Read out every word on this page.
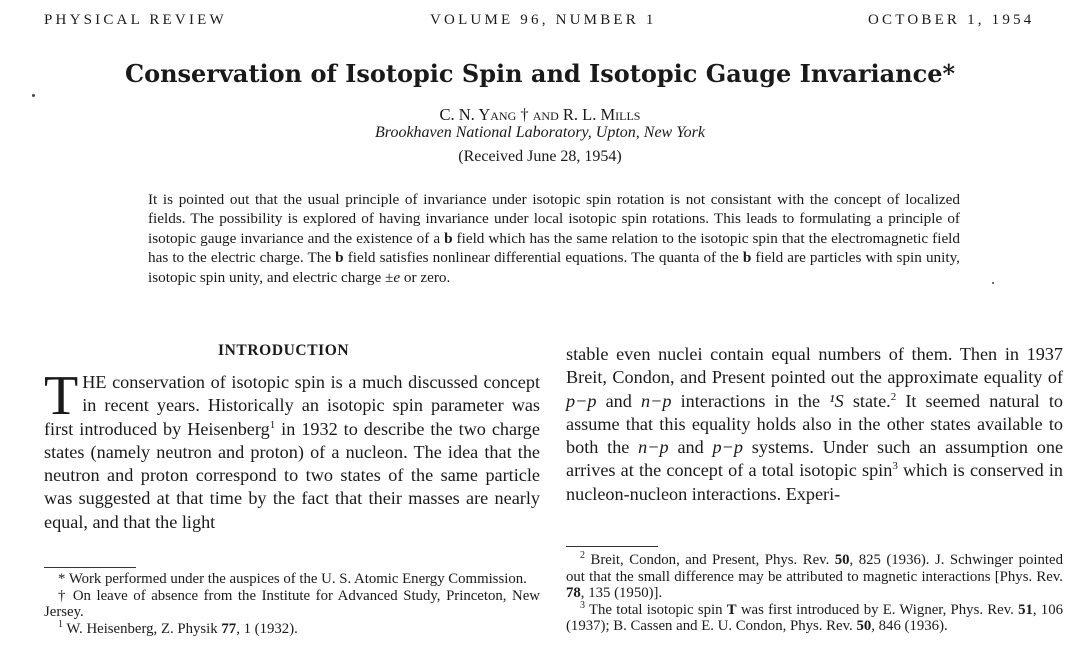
PHYSICAL REVIEW	VOLUME 96, NUMBER 1	OCTOBER 1, 1954
Conservation of Isotopic Spin and Isotopic Gauge Invariance*
C. N. Yang † and R. L. Mills
Brookhaven National Laboratory, Upton, New York
(Received June 28, 1954)
It is pointed out that the usual principle of invariance under isotopic spin rotation is not consistant with the concept of localized fields. The possibility is explored of having invariance under local isotopic spin rotations. This leads to formulating a principle of isotopic gauge invariance and the existence of a b field which has the same relation to the isotopic spin that the electromagnetic field has to the electric charge. The b field satisfies nonlinear differential equations. The quanta of the b field are particles with spin unity, isotopic spin unity, and electric charge ±e or zero.
INTRODUCTION
THE conservation of isotopic spin is a much discussed concept in recent years. Historically an isotopic spin parameter was first introduced by Heisenberg$^1$ in 1932 to describe the two charge states (namely neutron and proton) of a nucleon. The idea that the neutron and proton correspond to two states of the same particle was suggested at that time by the fact that their masses are nearly equal, and that the light
stable even nuclei contain equal numbers of them. Then in 1937 Breit, Condon, and Present pointed out the approximate equality of p−p and n−p interactions in the ¹S state.$^2$ It seemed natural to assume that this equality holds also in the other states available to both the n−p and p−p systems. Under such an assumption one arrives at the concept of a total isotopic spin$^3$ which is conserved in nucleon-nucleon interactions. Experi-

* Work performed under the auspices of the U. S. Atomic Energy Commission.

† On leave of absence from the Institute for Advanced Study, Princeton, New Jersey.

$^1$ W. Heisenberg, Z. Physik 77, 1 (1932).

$^2$ Breit, Condon, and Present, Phys. Rev. 50, 825 (1936). J. Schwinger pointed out that the small difference may be attributed to magnetic interactions [Phys. Rev. 78, 135 (1950)].

$^3$ The total isotopic spin T was first introduced by E. Wigner, Phys. Rev. 51, 106 (1937); B. Cassen and E. U. Condon, Phys. Rev. 50, 846 (1936).
